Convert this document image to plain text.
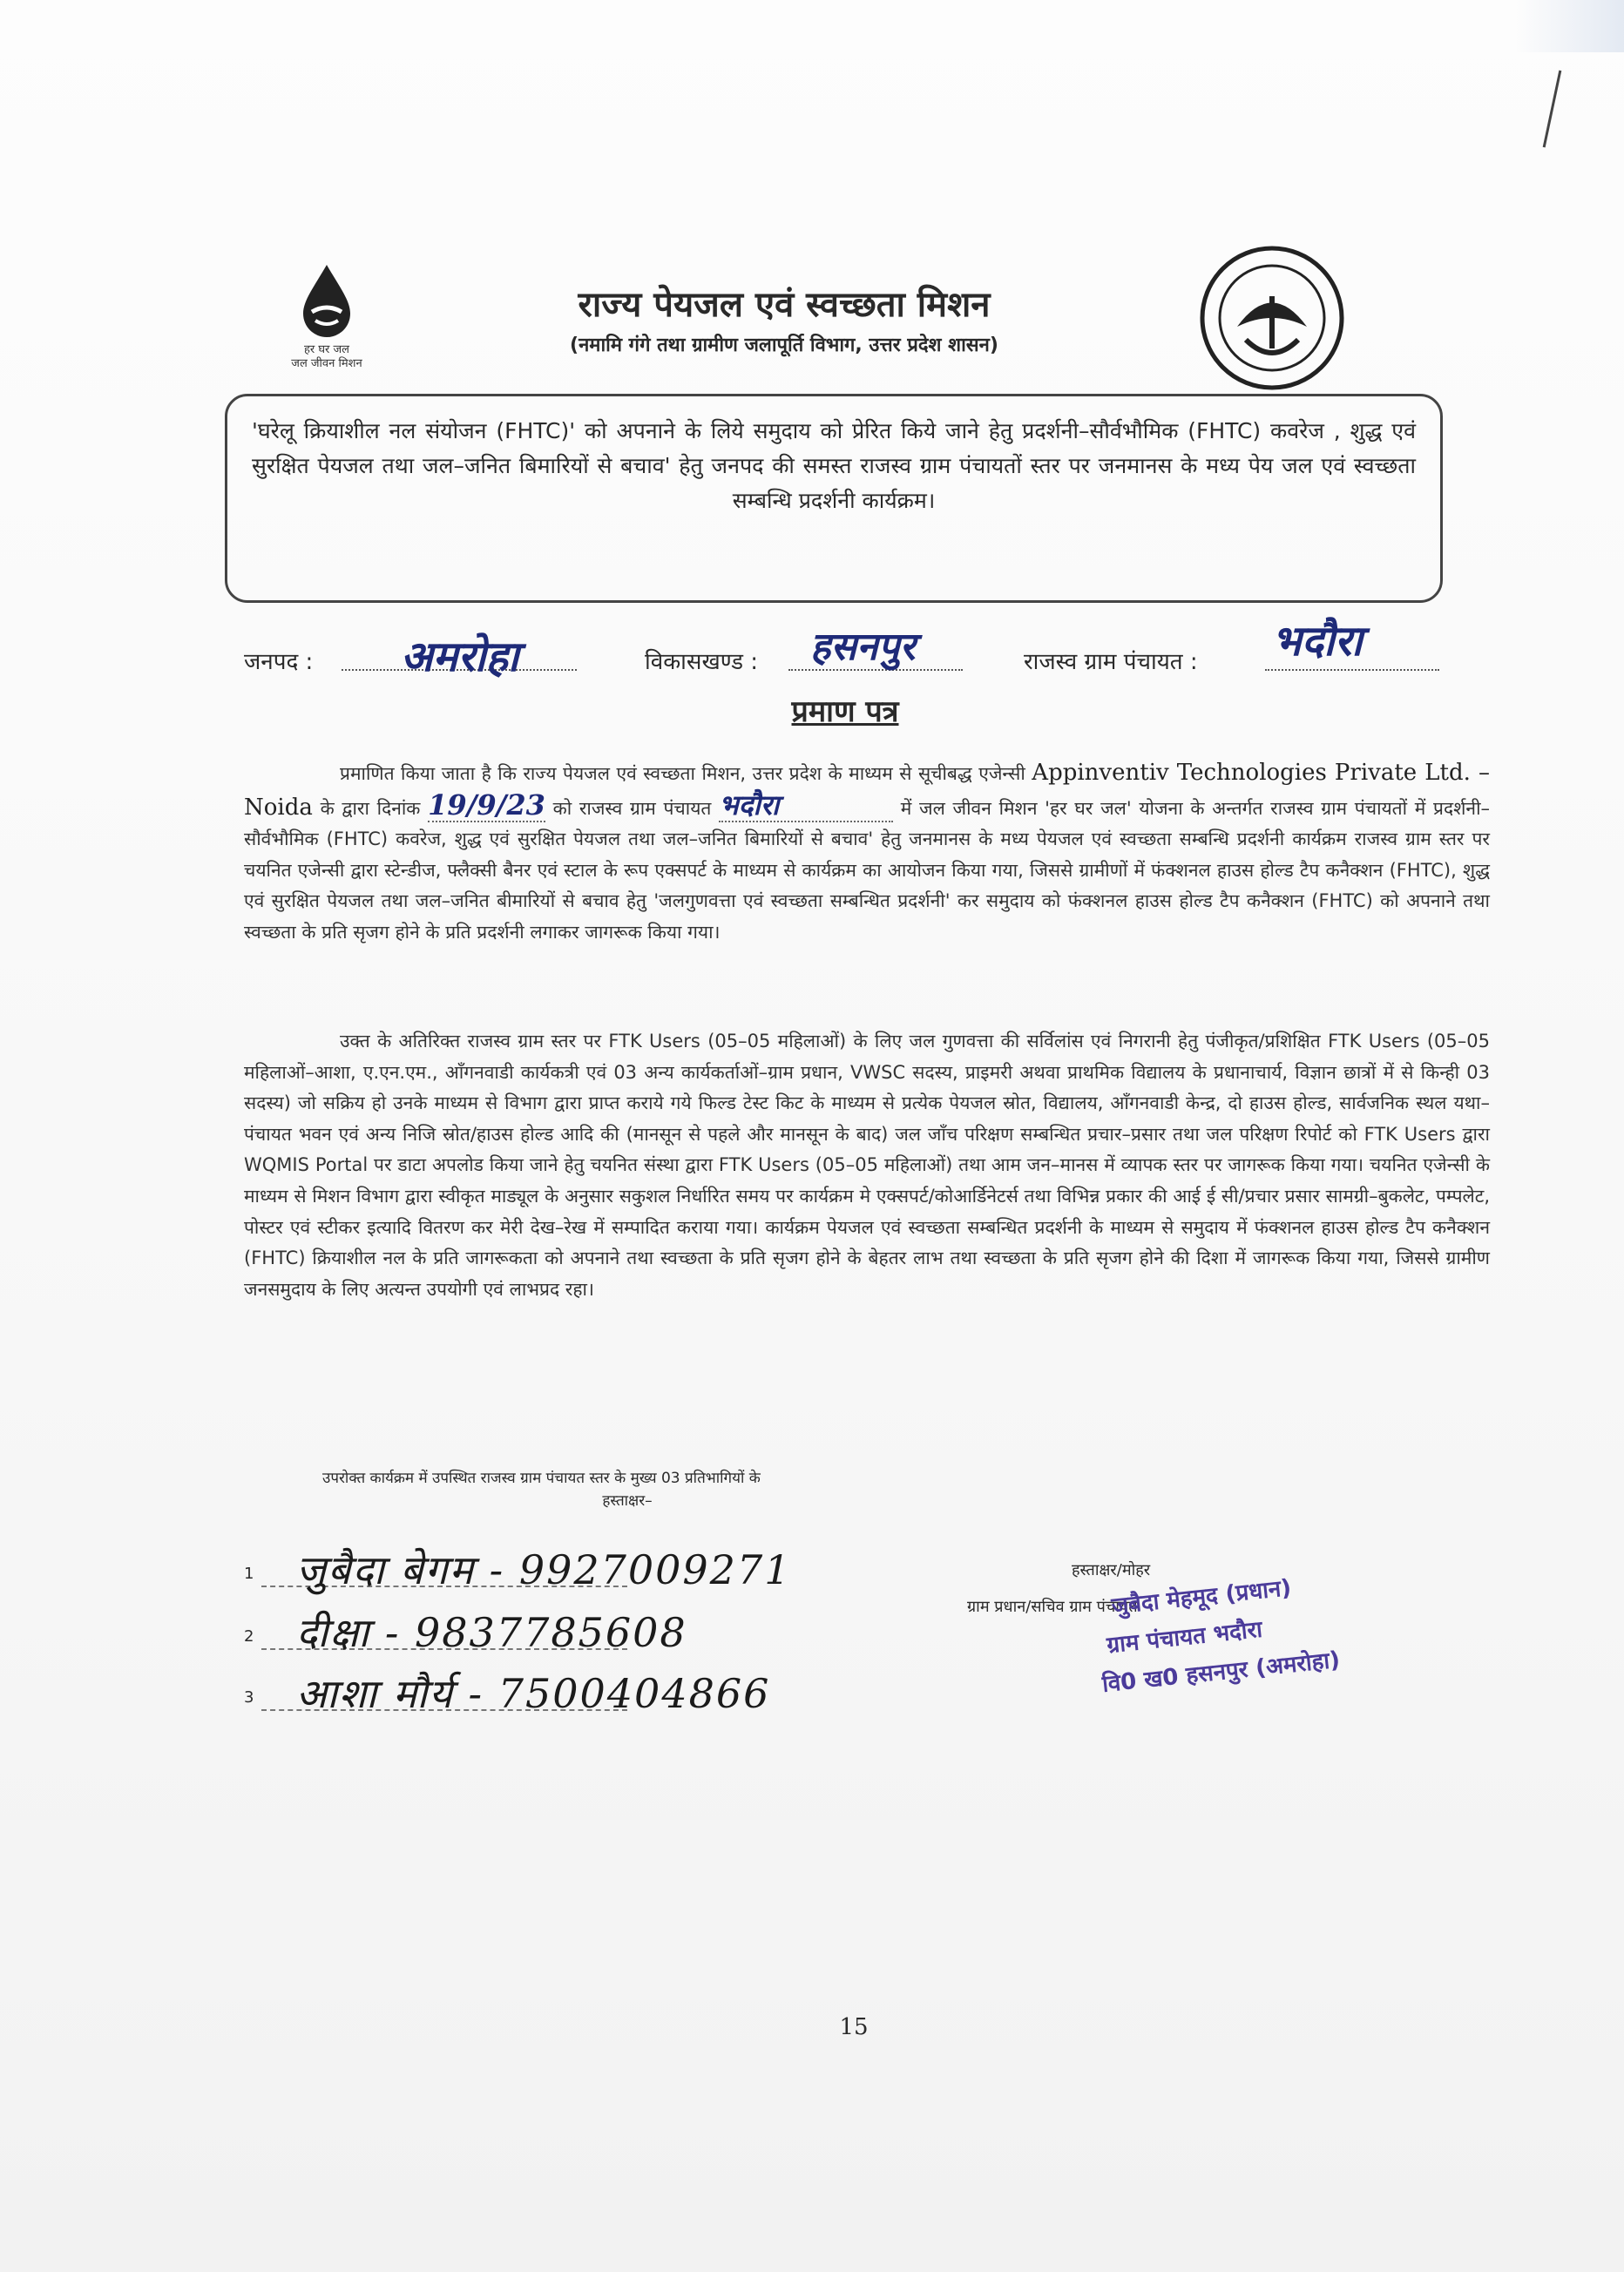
हर घर जल
जल जीवन मिशन
राज्य पेयजल एवं स्वच्छता मिशन
(नमामि गंगे तथा ग्रामीण जलापूर्ति विभाग, उत्तर प्रदेश शासन)
'घरेलू क्रियाशील नल संयोजन (FHTC)' को अपनाने के लिये समुदाय को प्रेरित किये जाने हेतु प्रदर्शनी–सौर्वभौमिक (FHTC) कवरेज , शुद्ध एवं सुरक्षित पेयजल तथा जल–जनित बिमारियों से बचाव' हेतु जनपद की समस्त राजस्व ग्राम पंचायतों स्तर पर जनमानस के मध्य पेय जल एवं स्वच्छता सम्बन्धि प्रदर्शनी कार्यक्रम।
जनपद : अमरोहा	विकासखण्ड : हसनपुर	राजस्व ग्राम पंचायत : भदौरा
प्रमाण पत्र
प्रमाणित किया जाता है कि राज्य पेयजल एवं स्वच्छता मिशन, उत्तर प्रदेश के माध्यम से सूचीबद्ध एजेन्सी Appinventiv Technologies Private Ltd. – Noida के द्वारा दिनांक 19/9/23 को राजस्व ग्राम पंचायत भदौरा	में जल जीवन मिशन 'हर घर जल' योजना के अन्तर्गत राजस्व ग्राम पंचायतों में प्रदर्शनी–सौर्वभौमिक (FHTC) कवरेज, शुद्ध एवं सुरक्षित पेयजल तथा जल–जनित बिमारियों से बचाव' हेतु जनमानस के मध्य पेयजल एवं स्वच्छता सम्बन्धि प्रदर्शनी कार्यक्रम राजस्व ग्राम स्तर पर चयनित एजेन्सी द्वारा स्टेन्डीज, फ्लैक्सी बैनर एवं स्टाल के रूप एक्सपर्ट के माध्यम से कार्यक्रम का आयोजन किया गया, जिससे ग्रामीणों में फंक्शनल हाउस होल्ड टैप कनैक्शन (FHTC), शुद्ध एवं सुरक्षित पेयजल तथा जल–जनित बीमारियों से बचाव हेतु 'जलगुणवत्ता एवं स्वच्छता सम्बन्धित प्रदर्शनी' कर समुदाय को फंक्शनल हाउस होल्ड टैप कनैक्शन (FHTC) को अपनाने तथा स्वच्छता के प्रति सृजग होने के प्रति प्रदर्शनी लगाकर जागरूक किया गया।
उक्त के अतिरिक्त राजस्व ग्राम स्तर पर FTK Users (05–05 महिलाओं) के लिए जल गुणवत्ता की सर्विलांस एवं निगरानी हेतु पंजीकृत/प्रशिक्षित FTK Users (05–05 महिलाओं–आशा, ए.एन.एम., आँगनवाडी कार्यकत्री एवं 03 अन्य कार्यकर्ताओं–ग्राम प्रधान, VWSC सदस्य, प्राइमरी अथवा प्राथमिक विद्यालय के प्रधानाचार्य, विज्ञान छात्रों में से किन्ही 03 सदस्य) जो सक्रिय हो उनके माध्यम से विभाग द्वारा प्राप्त कराये गये फिल्ड टेस्ट किट के माध्यम से प्रत्येक पेयजल स्रोत, विद्यालय, आँगनवाडी केन्द्र, दो हाउस होल्ड, सार्वजनिक स्थल यथा–पंचायत भवन एवं अन्य निजि स्रोत/हाउस होल्ड आदि की (मानसून से पहले और मानसून के बाद) जल जाँच परिक्षण सम्बन्धित प्रचार–प्रसार तथा जल परिक्षण रिपोर्ट को FTK Users द्वारा WQMIS Portal पर डाटा अपलोड किया जाने हेतु चयनित संस्था द्वारा FTK Users (05–05 महिलाओं) तथा आम जन–मानस में व्यापक स्तर पर जागरूक किया गया। चयनित एजेन्सी के माध्यम से मिशन विभाग द्वारा स्वीकृत माड्यूल के अनुसार सकुशल निर्धारित समय पर कार्यक्रम मे एक्सपर्ट/कोआर्डिनेटर्स तथा विभिन्न प्रकार की आई ई सी/प्रचार प्रसार सामग्री–बुकलेट, पम्पलेट, पोस्टर एवं स्टीकर इत्यादि वितरण कर मेरी देख–रेख में सम्पादित कराया गया। कार्यक्रम पेयजल एवं स्वच्छता सम्बन्धित प्रदर्शनी के माध्यम से समुदाय में फंक्शनल हाउस होल्ड टैप कनैक्शन (FHTC) क्रियाशील नल के प्रति जागरूकता को अपनाने तथा स्वच्छता के प्रति सृजग होने के बेहतर लाभ तथा स्वच्छता के प्रति सृजग होने की दिशा में जागरूक किया गया, जिससे ग्रामीण जनसमुदाय के लिए अत्यन्त उपयोगी एवं लाभप्रद रहा।
उपरोक्त कार्यक्रम में उपस्थित राजस्व ग्राम पंचायत स्तर के मुख्य 03 प्रतिभागियों के
हस्ताक्षर–
1 जुबैदा बेगम - 9927009271
2 दीक्षा - 9837785608
3 आशा मौर्य - 7500404866
हस्ताक्षर/मोहर
ग्राम प्रधान/सचिव ग्राम पंचायत
जुबैदा मेहमूद (प्रधान)
ग्राम पंचायत भदौरा
वि0 ख0 हसनपुर (अमरोहा)
15
